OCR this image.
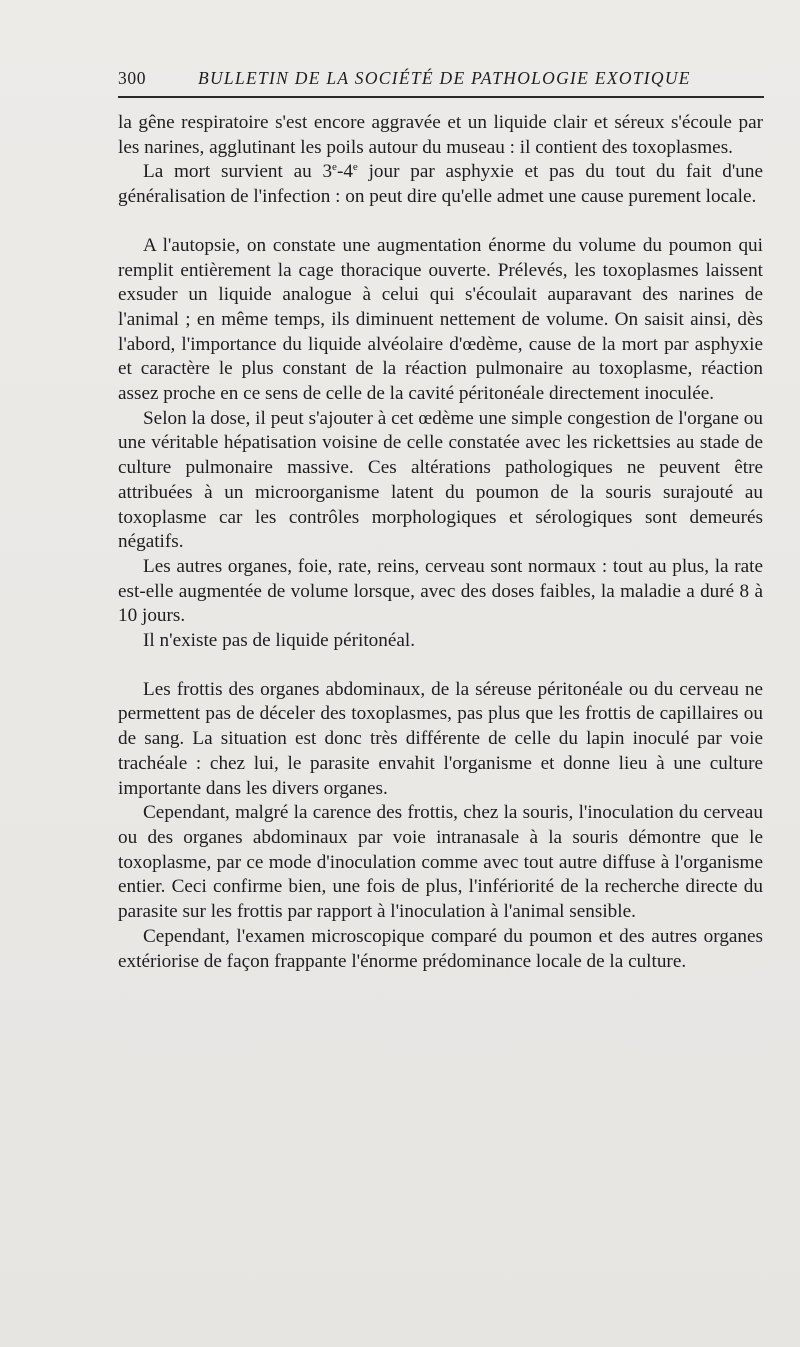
300	BULLETIN DE LA SOCIÉTÉ DE PATHOLOGIE EXOTIQUE

la gêne respiratoire s'est encore aggravée et un liquide clair et séreux s'écoule par les narines, agglutinant les poils autour du museau : il contient des toxoplasmes.

La mort survient au 3e-4e jour par asphyxie et pas du tout du fait d'une généralisation de l'infection : on peut dire qu'elle admet une cause purement locale.

A l'autopsie, on constate une augmentation énorme du volume du poumon qui remplit entièrement la cage thoracique ouverte. Prélevés, les toxoplasmes laissent exsuder un liquide analogue à celui qui s'écoulait auparavant des narines de l'animal ; en même temps, ils diminuent nettement de volume. On saisit ainsi, dès l'abord, l'importance du liquide alvéolaire d'œdème, cause de la mort par asphyxie et caractère le plus constant de la réaction pulmonaire au toxoplasme, réaction assez proche en ce sens de celle de la cavité péritonéale directement inoculée.

Selon la dose, il peut s'ajouter à cet œdème une simple congestion de l'organe ou une véritable hépatisation voisine de celle constatée avec les rickettsies au stade de culture pulmonaire massive. Ces altérations pathologiques ne peuvent être attribuées à un microorganisme latent du poumon de la souris surajouté au toxoplasme car les contrôles morphologiques et sérologiques sont demeurés négatifs.

Les autres organes, foie, rate, reins, cerveau sont normaux : tout au plus, la rate est-elle augmentée de volume lorsque, avec des doses faibles, la maladie a duré 8 à 10 jours.

Il n'existe pas de liquide péritonéal.

Les frottis des organes abdominaux, de la séreuse péritonéale ou du cerveau ne permettent pas de déceler des toxoplasmes, pas plus que les frottis de capillaires ou de sang. La situation est donc très différente de celle du lapin inoculé par voie trachéale : chez lui, le parasite envahit l'organisme et donne lieu à une culture importante dans les divers organes.

Cependant, malgré la carence des frottis, chez la souris, l'inoculation du cerveau ou des organes abdominaux par voie intranasale à la souris démontre que le toxoplasme, par ce mode d'inoculation comme avec tout autre diffuse à l'organisme entier. Ceci confirme bien, une fois de plus, l'infériorité de la recherche directe du parasite sur les frottis par rapport à l'inoculation à l'animal sensible.

Cependant, l'examen microscopique comparé du poumon et des autres organes extériorise de façon frappante l'énorme prédominance locale de la culture.
